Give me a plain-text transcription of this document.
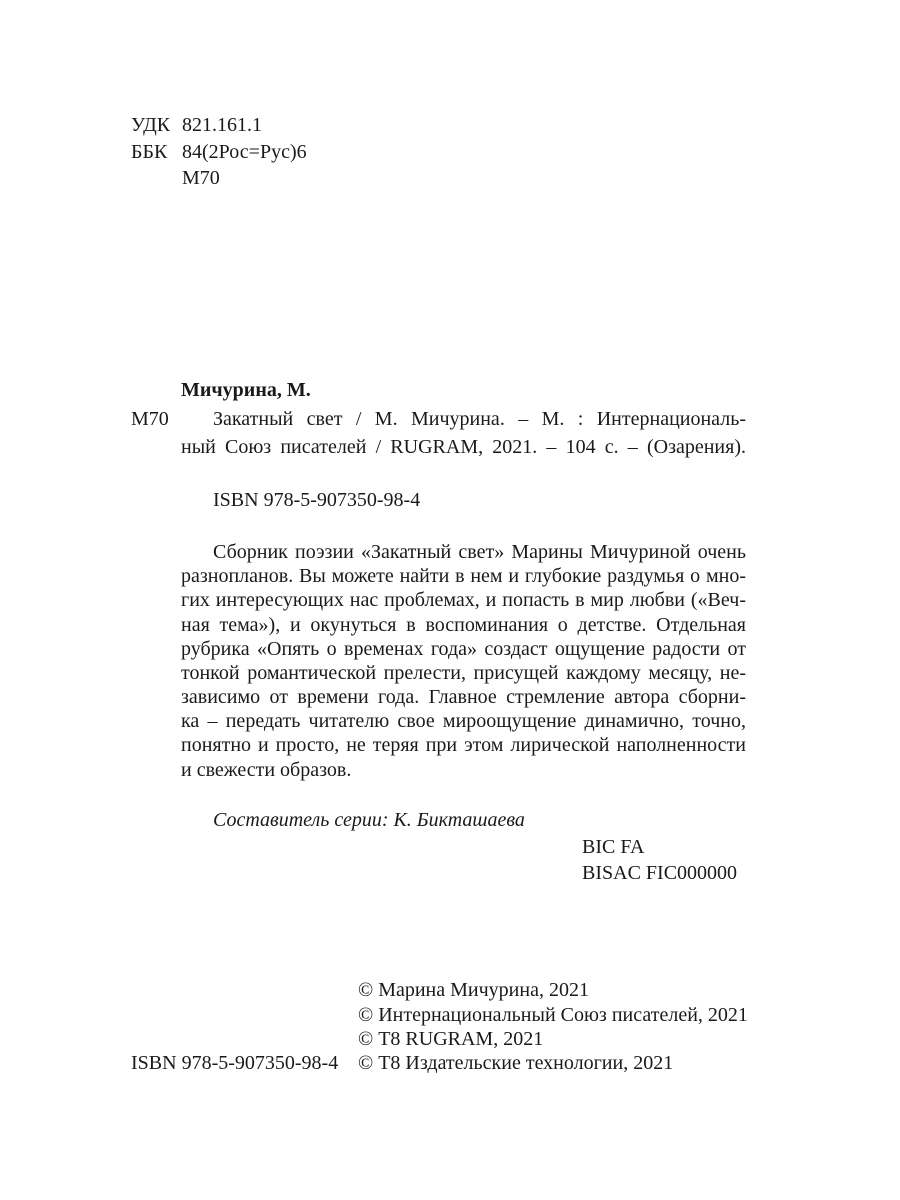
УДК 821.161.1
ББК 84(2Рос=Рус)6
М70
Мичурина, М.
М70 Закатный свет / М. Мичурина. – М. : Интернациональ-
ный Союз писателей / RUGRAM, 2021. – 104 с. – (Озарения).
ISBN 978-5-907350-98-4
Сборник поэзии «Закатный свет» Марины Мичуриной очень
разнопланов. Вы можете найти в нем и глубокие раздумья о мно-
гих интересующих нас проблемах, и попасть в мир любви («Веч-
ная тема»), и окунуться в воспоминания о детстве. Отдельная
рубрика «Опять о временах года» создаст ощущение радости от
тонкой романтической прелести, присущей каждому месяцу, не-
зависимо от времени года. Главное стремление автора сборни-
ка – передать читателю свое мироощущение динамично, точно,
понятно и просто, не теряя при этом лирической наполненности
и свежести образов.
Составитель серии: К. Бикташаева
BIC FA
BISAC FIC000000
© Марина Мичурина, 2021
© Интернациональный Союз писателей, 2021
© Т8 RUGRAM, 2021
© Т8 Издательские технологии, 2021
ISBN 978-5-907350-98-4
